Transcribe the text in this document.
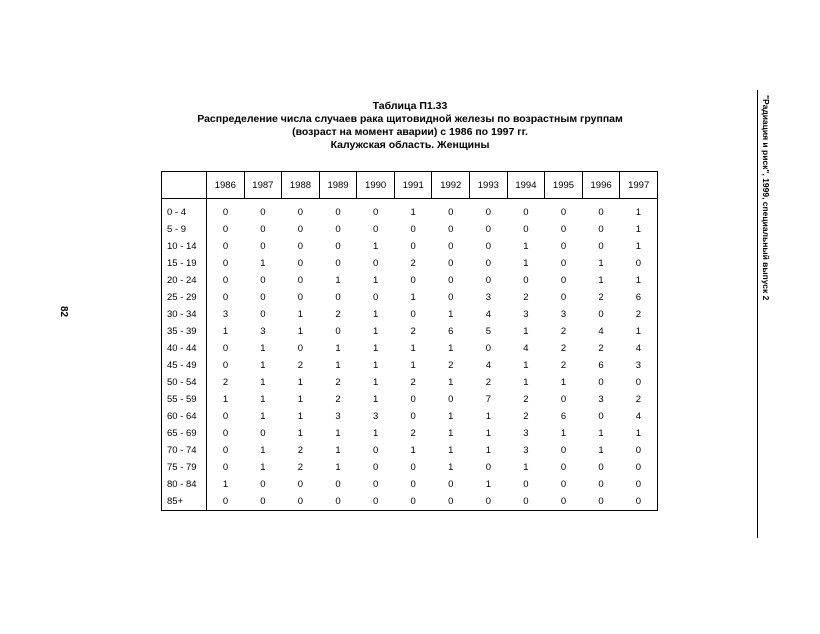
Таблица П1.33
Распределение числа случаев рака щитовидной железы по возрастным группам
(возраст на момент аварии) с 1986 по 1997 гг.
Калужская область. Женщины
	1986	1987	1988	1989	1990	1991	1992	1993	1994	1995	1996	1997
0 - 4	0	0	0	0	0	1	0	0	0	0	0	1
5 - 9	0	0	0	0	0	0	0	0	0	0	0	1
10 - 14	0	0	0	0	1	0	0	0	1	0	0	1
15 - 19	0	1	0	0	0	2	0	0	1	0	1	0
20 - 24	0	0	0	1	1	0	0	0	0	0	1	1
25 - 29	0	0	0	0	0	1	0	3	2	0	2	6
30 - 34	3	0	1	2	1	0	1	4	3	3	0	2
35 - 39	1	3	1	0	1	2	6	5	1	2	4	1
40 - 44	0	1	0	1	1	1	1	0	4	2	2	4
45 - 49	0	1	2	1	1	1	2	4	1	2	6	3
50 - 54	2	1	1	2	1	2	1	2	1	1	0	0
55 - 59	1	1	1	2	1	0	0	7	2	0	3	2
60 - 64	0	1	1	3	3	0	1	1	2	6	0	4
65 - 69	0	0	1	1	1	2	1	1	3	1	1	1
70 - 74	0	1	2	1	0	1	1	1	3	0	1	0
75 - 79	0	1	2	1	0	0	1	0	1	0	0	0
80 - 84	1	0	0	0	0	0	0	1	0	0	0	0
85+	0	0	0	0	0	0	0	0	0	0	0	0
82
"Радиация и риск", 1999, специальный выпуск 2
